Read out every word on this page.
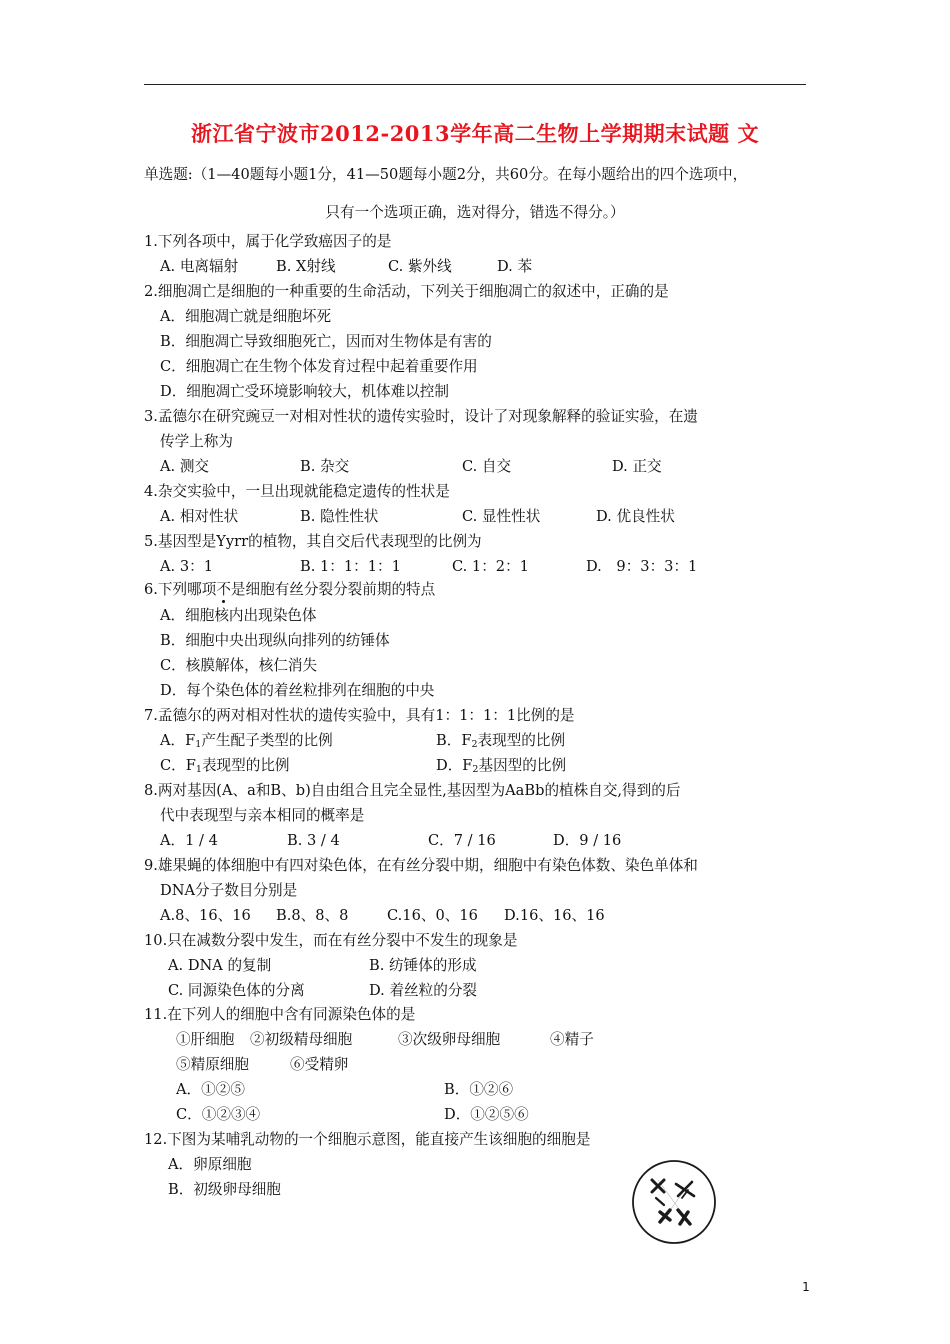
浙江省宁波市2012-2013学年高二生物上学期期末试题 文
单选题:（1—40题每小题1分，41—50题每小题2分，共60分。在每小题给出的四个选项中，
只有一个选项正确，选对得分，错选不得分。）
1.下列各项中，属于化学致癌因子的是
A. 电离辐射	B. X射线	C. 紫外线	D. 苯
2.细胞凋亡是细胞的一种重要的生命活动，下列关于细胞凋亡的叙述中，正确的是
A．细胞凋亡就是细胞坏死
B．细胞凋亡导致细胞死亡，因而对生物体是有害的
C．细胞凋亡在生物个体发育过程中起着重要作用
D．细胞凋亡受环境影响较大，机体难以控制
3.孟德尔在研究豌豆一对相对性状的遗传实验时，设计了对现象解释的验证实验，在遗
传学上称为
A. 测交	B. 杂交	C. 自交	D. 正交
4.杂交实验中，一旦出现就能稳定遗传的性状是
A. 相对性状	B. 隐性性状	C. 显性性状	D. 优良性状
5.基因型是Yyrr的植物，其自交后代表现型的比例为
A. 3：1	B. 1：1：1：1	C. 1：2：1	D.　9：3：3：1
6.下列哪项不是细胞有丝分裂分裂前期的特点
A．细胞核内出现染色体
B．细胞中央出现纵向排列的纺锤体
C．核膜解体，核仁消失
D．每个染色体的着丝粒排列在细胞的中央
7.孟德尔的两对相对性状的遗传实验中，具有1：1：1：1比例的是
A．$F_1$产生配子类型的比例	B．$F_2$表现型的比例
C．$F_1$表现型的比例	D．$F_2$基因型的比例
8.两对基因(A、a和B、b)自由组合且完全显性,基因型为AaBb的植株自交,得到的后
代中表现型与亲本相同的概率是
A．1 / 4	B. 3 / 4	C．7 / 16	D．9 / 16
9.雄果蝇的体细胞中有四对染色体，在有丝分裂中期，细胞中有染色体数、染色单体和
DNA分子数目分别是
A.8、16、16 B.8、8、8	C.16、0、16 D.16、16、16
10.只在减数分裂中发生，而在有丝分裂中不发生的现象是
A. DNA 的复制	B. 纺锤体的形成
C. 同源染色体的分离	D. 着丝粒的分裂
11.在下列人的细胞中含有同源染色体的是
①肝细胞 ②初级精母细胞	③次级卵母细胞	④精子
⑤精原细胞	⑥受精卵
A．①②⑤	B．①②⑥
C．①②③④	D．①②⑤⑥
12.下图为某哺乳动物的一个细胞示意图，能直接产生该细胞的细胞是
A．卵原细胞
B．初级卵母细胞
1
